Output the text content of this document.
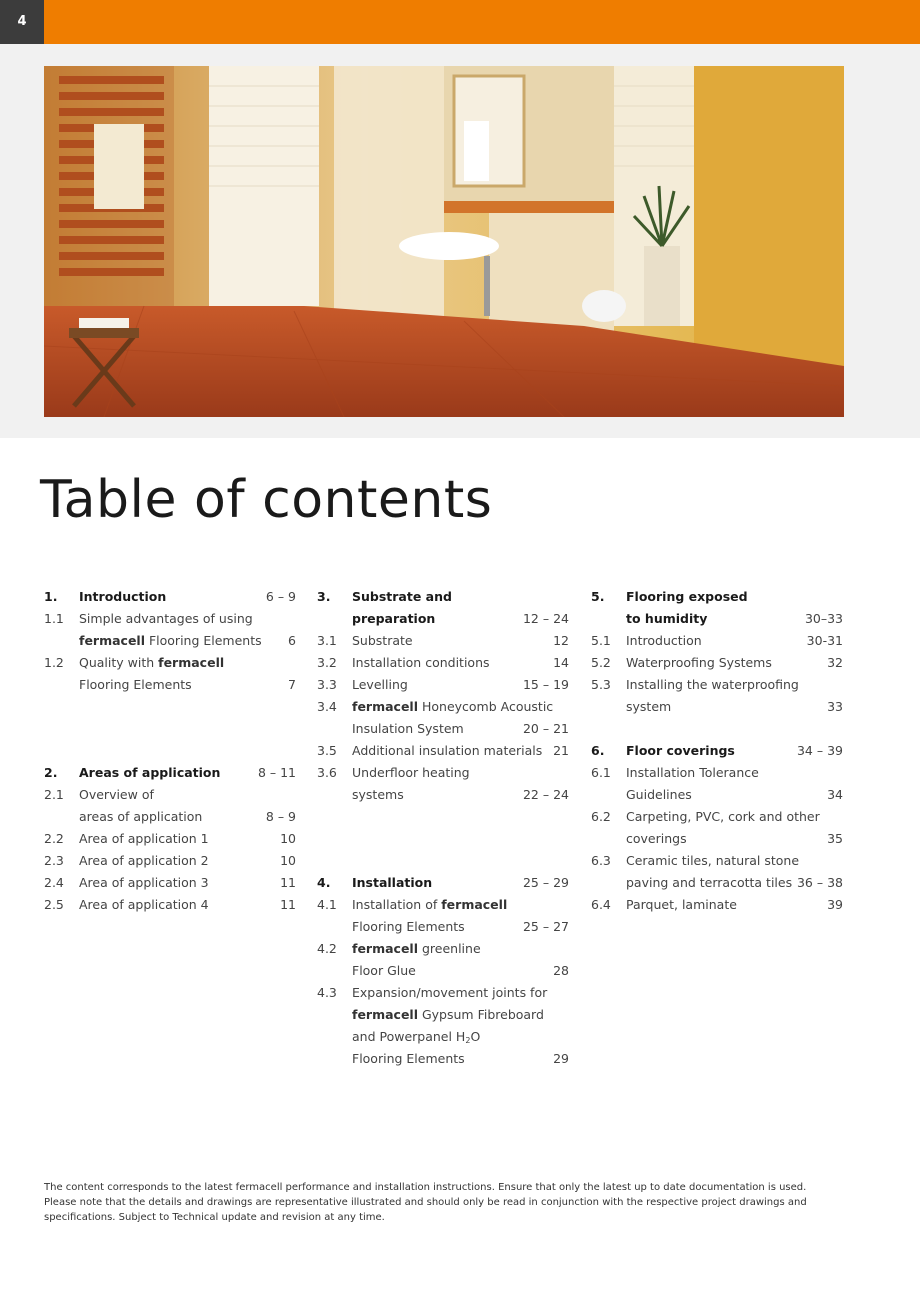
4
Table of contents
1.	Introduction	6 – 9
1.1	Simple advantages of using
fermacell Flooring Elements	6
1.2	Quality with fermacell
Flooring Elements	7
2.	Areas of application	8 – 11
2.1	Overview of
areas of application	8 – 9
2.2	Area of application 1	10
2.3	Area of application 2	10
2.4	Area of application 3	11
2.5	Area of application 4	11
3.	Substrate and
preparation	12 – 24
3.1	Substrate	12
3.2	Installation conditions	14
3.3	Levelling	15 – 19
3.4	fermacell Honeycomb Acoustic
Insulation System	20 – 21
3.5	Additional insulation materials 21
3.6	Underfloor heating
systems	22 – 24
4.	Installation	25 – 29
4.1	Installation of fermacell
Flooring Elements	25 – 27
4.2	fermacell greenline
Floor Glue	28
4.3	Expansion/movement joints for
fermacell Gypsum Fibreboard
and Powerpanel $H_2O$
Flooring Elements	29
5.	Flooring exposed
to humidity	30–33
5.1	Introduction	30-31
5.2	Waterproofing Systems	32
5.3	Installing the waterproofing
system	33
6.	Floor coverings	34 – 39
6.1	Installation Tolerance
Guidelines	34
6.2	Carpeting, PVC, cork and other
coverings	35
6.3	Ceramic tiles, natural stone
paving and terracotta tiles 36 – 38
6.4	Parquet, laminate	39
The content corresponds to the latest fermacell performance and installation instructions. Ensure that only the latest up to date documentation is used. Please note that the details and drawings are representative illustrated and should only be read in conjunction with the respective project drawings and specifications. Subject to Technical update and revision at any time.
